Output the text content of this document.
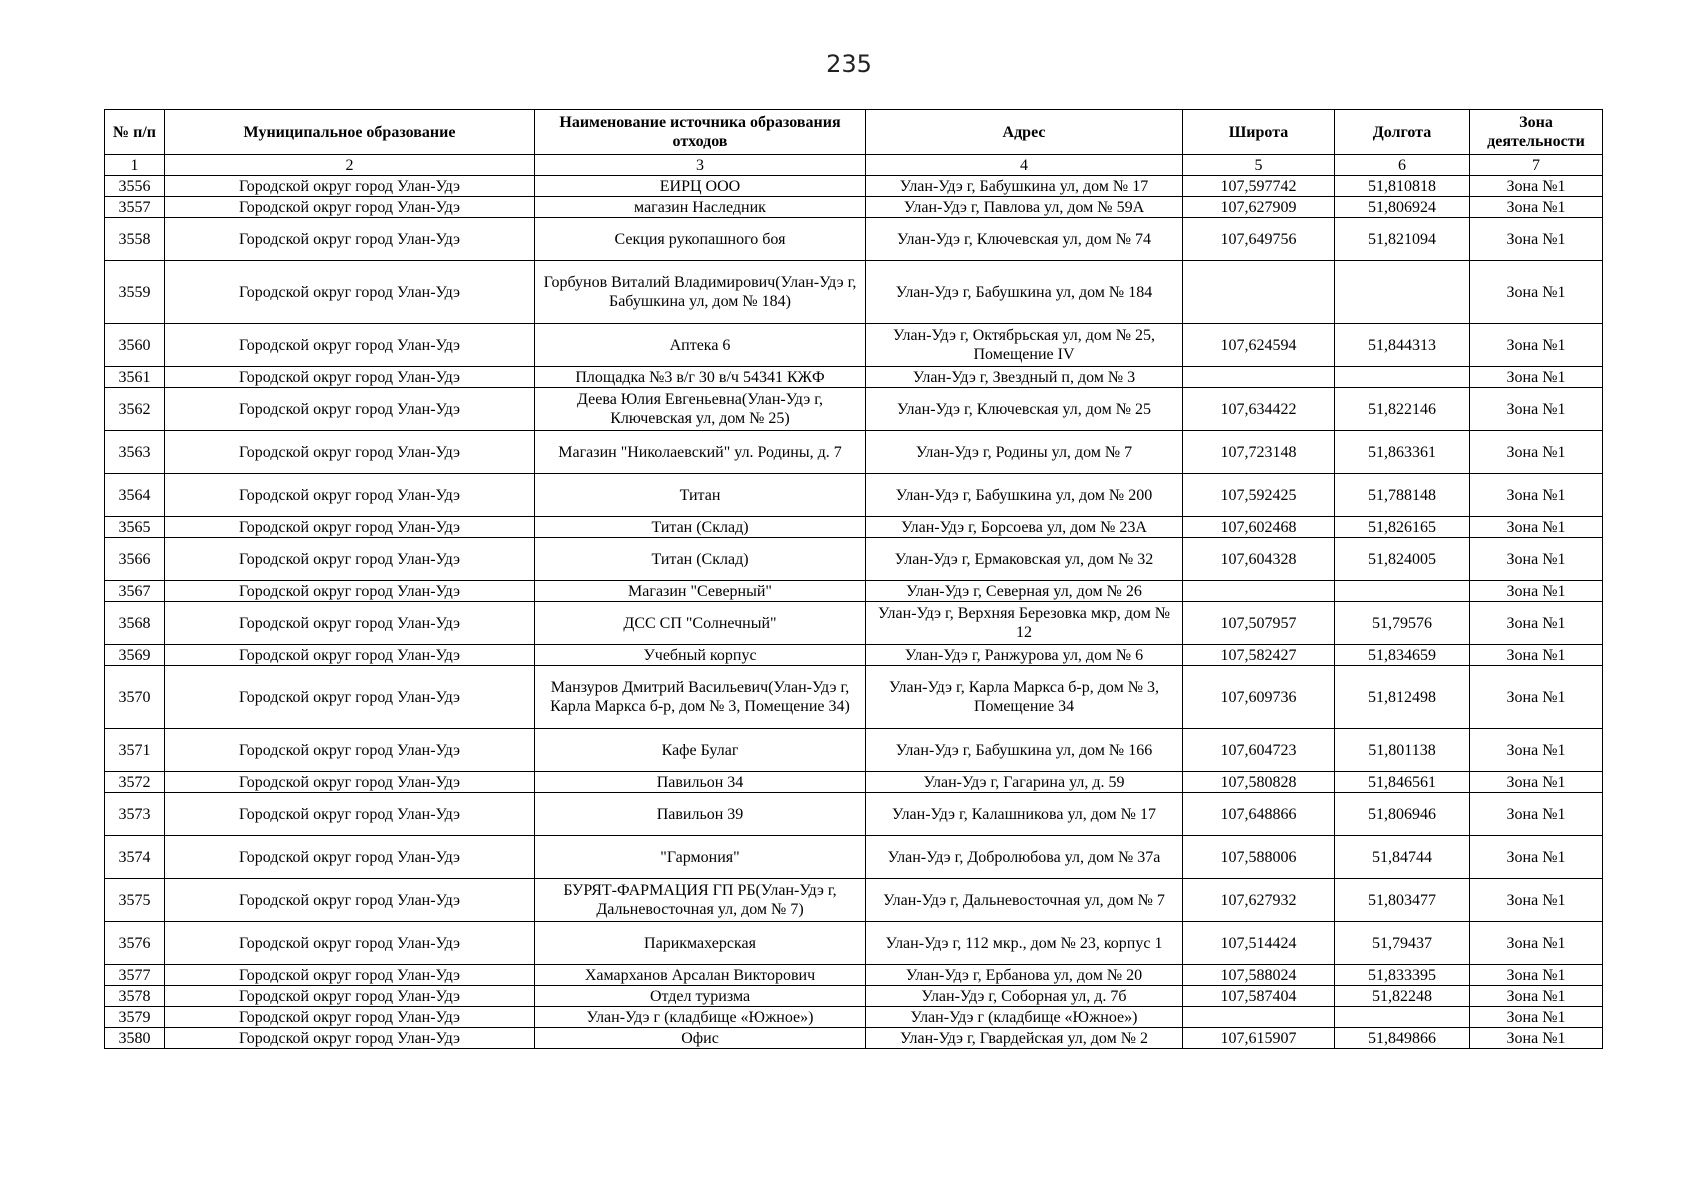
235
№ п/п	Муниципальное образование	Наименование источника образования отходов	Адрес	Широта	Долгота	Зона деятельности
1	2	3	4	5	6	7
3556	Городской округ город Улан-Удэ	ЕИРЦ ООО	Улан-Удэ г, Бабушкина ул, дом № 17	107,597742	51,810818	Зона №1
3557	Городской округ город Улан-Удэ	магазин Наследник	Улан-Удэ г, Павлова ул, дом № 59А	107,627909	51,806924	Зона №1
3558	Городской округ город Улан-Удэ	Секция рукопашного боя	Улан-Удэ г, Ключевская ул, дом № 74	107,649756	51,821094	Зона №1
3559	Городской округ город Улан-Удэ	Горбунов Виталий Владимирович(Улан-Удэ г, Бабушкина ул, дом № 184)	Улан-Удэ г, Бабушкина ул, дом № 184			Зона №1
3560	Городской округ город Улан-Удэ	Аптека 6	Улан-Удэ г, Октябрьская ул, дом № 25, Помещение IV	107,624594	51,844313	Зона №1
3561	Городской округ город Улан-Удэ	Площадка №3 в/г 30 в/ч 54341 КЖФ	Улан-Удэ г, Звездный п, дом № 3			Зона №1
3562	Городской округ город Улан-Удэ	Деева Юлия Евгеньевна(Улан-Удэ г, Ключевская ул, дом № 25)	Улан-Удэ г, Ключевская ул, дом № 25	107,634422	51,822146	Зона №1
3563	Городской округ город Улан-Удэ	Магазин "Николаевский" ул. Родины, д. 7	Улан-Удэ г, Родины ул, дом № 7	107,723148	51,863361	Зона №1
3564	Городской округ город Улан-Удэ	Титан	Улан-Удэ г, Бабушкина ул, дом № 200	107,592425	51,788148	Зона №1
3565	Городской округ город Улан-Удэ	Титан (Склад)	Улан-Удэ г, Борсоева ул, дом № 23А	107,602468	51,826165	Зона №1
3566	Городской округ город Улан-Удэ	Титан (Склад)	Улан-Удэ г, Ермаковская ул, дом № 32	107,604328	51,824005	Зона №1
3567	Городской округ город Улан-Удэ	Магазин "Северный"	Улан-Удэ г, Северная ул, дом № 26			Зона №1
3568	Городской округ город Улан-Удэ	ДСС СП "Солнечный"	Улан-Удэ г, Верхняя Березовка мкр, дом № 12	107,507957	51,79576	Зона №1
3569	Городской округ город Улан-Удэ	Учебный корпус	Улан-Удэ г, Ранжурова ул, дом № 6	107,582427	51,834659	Зона №1
3570	Городской округ город Улан-Удэ	Манзуров Дмитрий Васильевич(Улан-Удэ г, Карла Маркса б-р, дом № 3, Помещение 34)	Улан-Удэ г, Карла Маркса б-р, дом № 3, Помещение 34	107,609736	51,812498	Зона №1
3571	Городской округ город Улан-Удэ	Кафе Булаг	Улан-Удэ г, Бабушкина ул, дом № 166	107,604723	51,801138	Зона №1
3572	Городской округ город Улан-Удэ	Павильон 34	Улан-Удэ г, Гагарина ул, д. 59	107,580828	51,846561	Зона №1
3573	Городской округ город Улан-Удэ	Павильон 39	Улан-Удэ г, Калашникова ул, дом № 17	107,648866	51,806946	Зона №1
3574	Городской округ город Улан-Удэ	"Гармония"	Улан-Удэ г, Добролюбова ул, дом № 37а	107,588006	51,84744	Зона №1
3575	Городской округ город Улан-Удэ	БУРЯТ-ФАРМАЦИЯ ГП РБ(Улан-Удэ г, Дальневосточная ул, дом № 7)	Улан-Удэ г, Дальневосточная ул, дом № 7	107,627932	51,803477	Зона №1
3576	Городской округ город Улан-Удэ	Парикмахерская	Улан-Удэ г, 112 мкр., дом № 23, корпус 1	107,514424	51,79437	Зона №1
3577	Городской округ город Улан-Удэ	Хамарханов Арсалан Викторович	Улан-Удэ г, Ербанова ул, дом № 20	107,588024	51,833395	Зона №1
3578	Городской округ город Улан-Удэ	Отдел туризма	Улан-Удэ г, Соборная ул, д. 7б	107,587404	51,82248	Зона №1
3579	Городской округ город Улан-Удэ	Улан-Удэ г (кладбище «Южное»)	Улан-Удэ г (кладбище «Южное»)			Зона №1
3580	Городской округ город Улан-Удэ	Офис	Улан-Удэ г, Гвардейская ул, дом № 2	107,615907	51,849866	Зона №1
